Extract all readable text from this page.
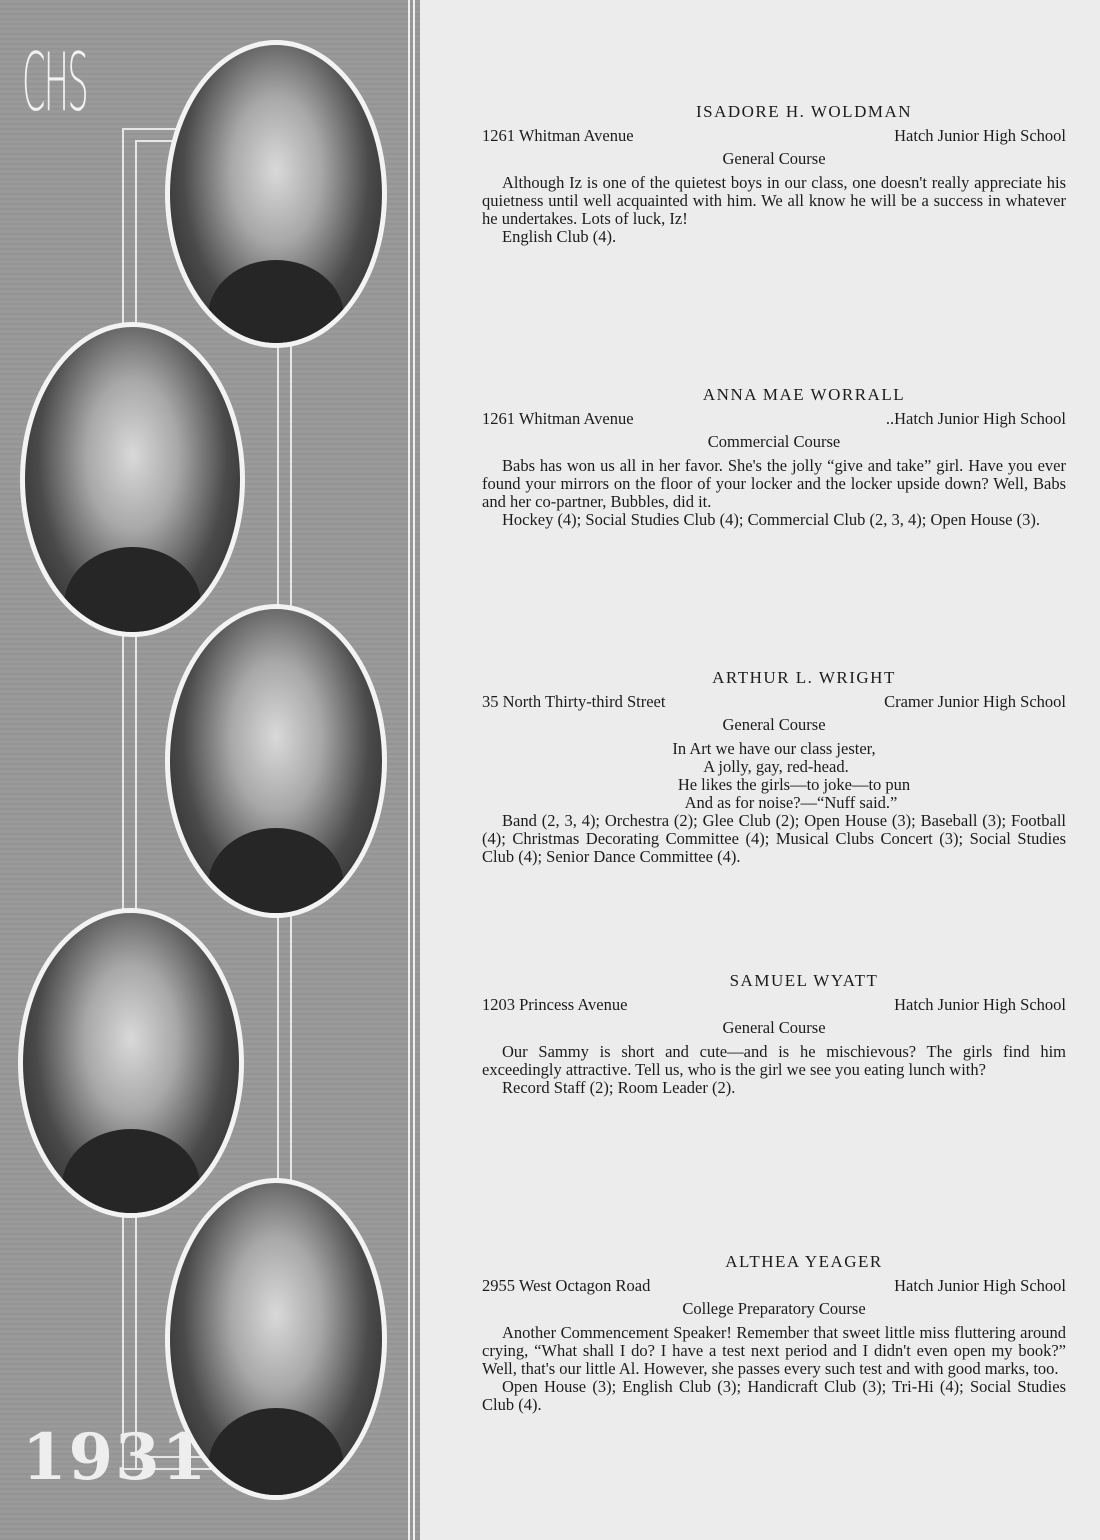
CHS
1931
ISADORE H. WOLDMAN
1261 Whitman Avenue	Hatch Junior High School
General Course
Although Iz is one of the quietest boys in our class, one doesn't really appreciate his quietness until well acquainted with him. We all know he will be a success in whatever he undertakes. Lots of luck, Iz!
English Club (4).
ANNA MAE WORRALL
1261 Whitman Avenue	..Hatch Junior High School
Commercial Course
Babs has won us all in her favor. She's the jolly “give and take” girl. Have you ever found your mirrors on the floor of your locker and the locker upside down? Well, Babs and her co-partner, Bubbles, did it.
Hockey (4); Social Studies Club (4); Commercial Club (2, 3, 4); Open House (3).
ARTHUR L. WRIGHT
35 North Thirty-third Street	Cramer Junior High School
General Course
In Art we have our class jester,
A jolly, gay, red-head.
He likes the girls—to joke—to pun
And as for noise?—“Nuff said.”
Band (2, 3, 4); Orchestra (2); Glee Club (2); Open House (3); Baseball (3); Football (4); Christmas Decorating Committee (4); Musical Clubs Concert (3); Social Studies Club (4); Senior Dance Committee (4).
SAMUEL WYATT
1203 Princess Avenue	Hatch Junior High School
General Course
Our Sammy is short and cute—and is he mischievous? The girls find him exceedingly attractive. Tell us, who is the girl we see you eating lunch with?
Record Staff (2); Room Leader (2).
ALTHEA YEAGER
2955 West Octagon Road	Hatch Junior High School
College Preparatory Course
Another Commencement Speaker! Remember that sweet little miss fluttering around crying, “What shall I do? I have a test next period and I didn't even open my book?” Well, that's our little Al. However, she passes every such test and with good marks, too.
Open House (3); English Club (3); Handicraft Club (3); Tri-Hi (4); Social Studies Club (4).
